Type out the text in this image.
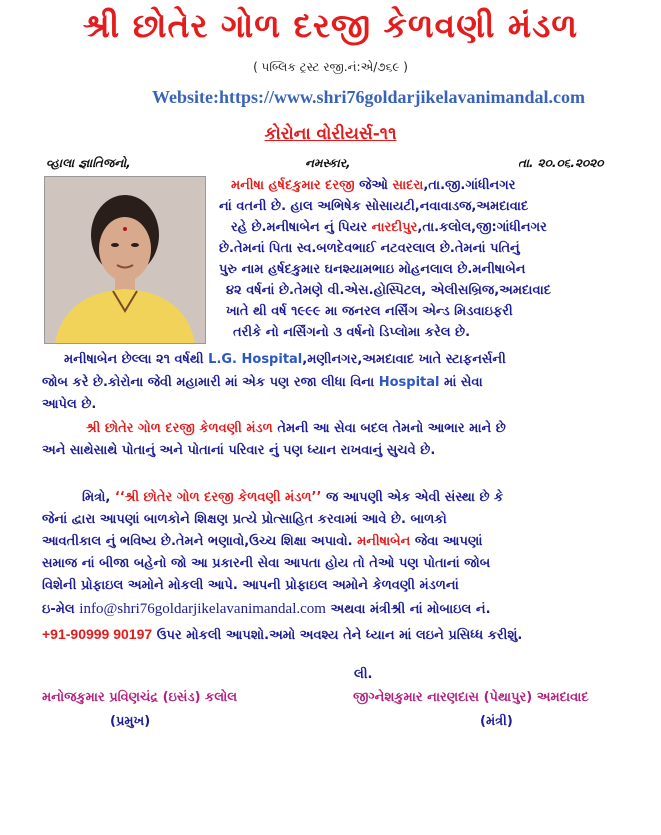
શ્રી છોતેર ગોળ દરજી કેળવણી મંડળ
( પબ્લિક ટ્રસ્ટ રજી.નં:એ/૭૬૯ )
Website:https://www.shri76goldarjikelavanimandal.com
કોરોના વોરીયર્સ-૧૧
વ્હાલા જ્ઞાતિજનો,	નમસ્કાર,	તા. ૨૦.૦૬.૨૦૨૦
મનીષા હર્ષદકુમાર દરજી જેઓ સાદરા,તા.જી.ગાંધીનગર
નાં વતની છે. હાલ અભિષેક સોસાયટી,નવાવાડજ,અમદાવાદ
રહે છે.મનીષાબેન નું પિયર નારદીપુર,તા.કલોલ,જી:ગાંધીનગર
છે.તેમનાં પિતા સ્વ.બળદેવભાઈ નટવરલાલ છે.તેમનાં પતિનું
પુરુ નામ હર્ષદકુમાર ઘનશ્યામભાઇ મોહનલાલ છે.મનીષાબેન
૪૨ વર્ષનાં છે.તેમણે વી.એસ.હોસ્પિટલ, એલીસબ્રિજ,અમદાવાદ
ખાતે થી વર્ષ ૧૯૯૯ મા જનરલ નર્સિંગ એન્ડ મિડવાઇફરી
તરીકે નો નર્સિંગનો ૩ વર્ષનો ડિપ્લોમા કરેલ છે.
મનીષાબેન છેલ્લા ૨૧ વર્ષથી L.G. Hospital,મણીનગર,અમદાવાદ ખાતે સ્ટાફનર્સની
જોબ કરે છે.કોરોના જેવી મહામારી માં એક પણ રજા લીધા વિના Hospital માં સેવા
આપેલ છે.
શ્રી છોતેર ગોળ દરજી કેળવણી મંડળ તેમની આ સેવા બદલ તેમનો આભાર માને છે
અને સાથેસાથે પોતાનું અને પોતાનાં પરિવાર નું પણ ધ્યાન રાખવાનું સુચવે છે.
મિત્રો, ‘‘શ્રી છોતેર ગોળ દરજી કેળવણી મંડળ’’ જ આપણી એક એવી સંસ્થા છે કે
જેનાં દ્વારા આપણાં બાળકોને શિક્ષણ પ્રત્યે પ્રોત્સાહિત કરવામાં આવે છે. બાળકો
આવતીકાલ નું ભવિષ્ય છે.તેમને ભણાવો,ઉચ્ચ શિક્ષા અપાવો. મનીષાબેન જેવા આપણાં
સમાજ નાં બીજા બહેનો જો આ પ્રકારની સેવા આપતા હોય તો તેઓ પણ પોતાનાં જોબ
વિશેની પ્રોફાઇલ અમોને મોકલી આપે. આપની પ્રોફાઇલ અમોને કેળવણી મંડળનાં
ઇ-મેલ info@shri76goldarjikelavanimandal.com અથવા મંત્રીશ્રી નાં મોબાઇલ નં.
+91-90999 90197 ઉપર મોકલી આપશો.અમો અવશ્ય તેને ધ્યાન માં લઇને પ્રસિધ્ધ કરીશું.
લી.
મનોજકુમાર પ્રવિણચંદ્ર (ઇસંડ) કલોલ
(પ્રમુખ)
જીગ્નેશકુમાર નારણદાસ (પેથાપુર) અમદાવાદ
(મંત્રી)
